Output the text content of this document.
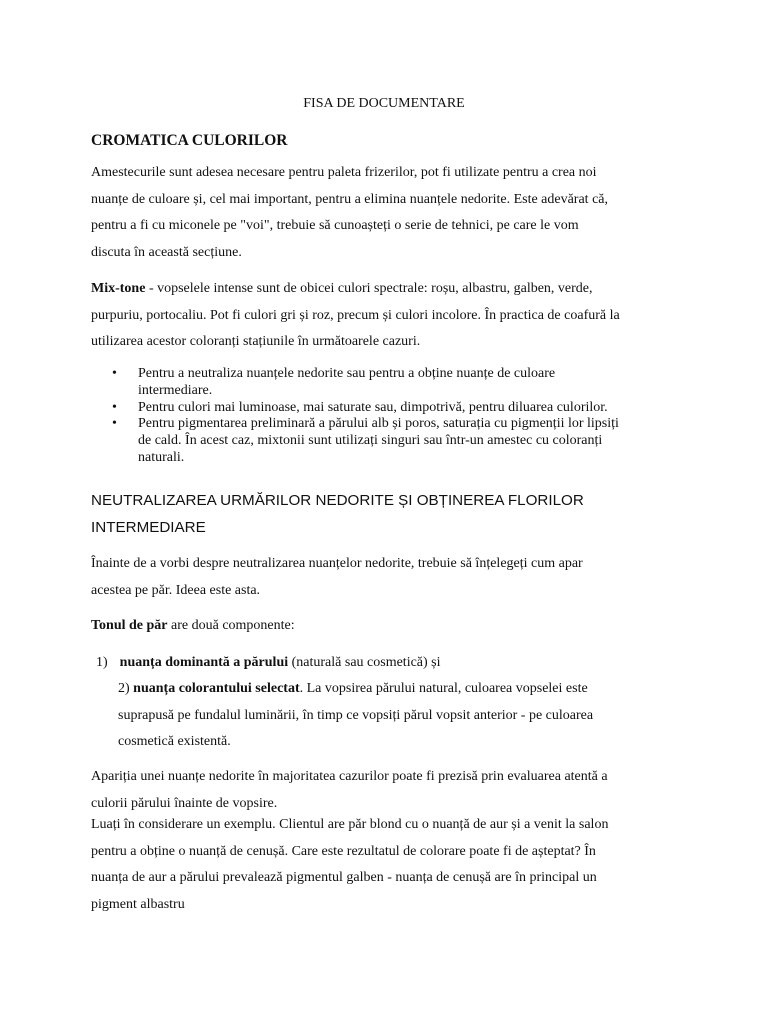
FISA DE DOCUMENTARE
CROMATICA CULORILOR
Amestecurile sunt adesea necesare pentru paleta frizerilor, pot fi utilizate pentru a crea noi
nuanțe de culoare și, cel mai important, pentru a elimina nuanțele nedorite. Este adevărat că,
pentru a fi cu miconele pe "voi", trebuie să cunoașteți o serie de tehnici, pe care le vom
discuta în această secțiune.
Mix-tone - vopselele intense sunt de obicei culori spectrale: roșu, albastru, galben, verde,
purpuriu, portocaliu. Pot fi culori gri și roz, precum și culori incolore. În practica de coafură la
utilizarea acestor coloranți stațiunile în următoarele cazuri.
• Pentru a neutraliza nuanțele nedorite sau pentru a obține nuanțe de culoare
intermediare.
• Pentru culori mai luminoase, mai saturate sau, dimpotrivă, pentru diluarea culorilor.
• Pentru pigmentarea preliminară a părului alb și poros, saturația cu pigmenții lor lipsiți
de cald. În acest caz, mixtonii sunt utilizați singuri sau într-un amestec cu coloranți
naturali.
NEUTRALIZAREA URMĂRILOR NEDORITE ȘI OBȚINEREA FLORILOR
INTERMEDIARE
Înainte de a vorbi despre neutralizarea nuanțelor nedorite, trebuie să înțelegeți cum apar
acestea pe păr. Ideea este asta.
Tonul de păr are două componente:
1) nuanța dominantă a părului (naturală sau cosmetică) și
2) nuanța colorantului selectat. La vopsirea părului natural, culoarea vopselei este
suprapusă pe fundalul luminării, în timp ce vopsiți părul vopsit anterior - pe culoarea
cosmetică existentă.
Apariția unei nuanțe nedorite în majoritatea cazurilor poate fi prezisă prin evaluarea atentă a
culorii părului înainte de vopsire.
Luați în considerare un exemplu. Clientul are păr blond cu o nuanță de aur și a venit la salon
pentru a obține o nuanță de cenușă. Care este rezultatul de colorare poate fi de așteptat? În
nuanța de aur a părului prevalează pigmentul galben - nuanța de cenușă are în principal un
pigment albastru
